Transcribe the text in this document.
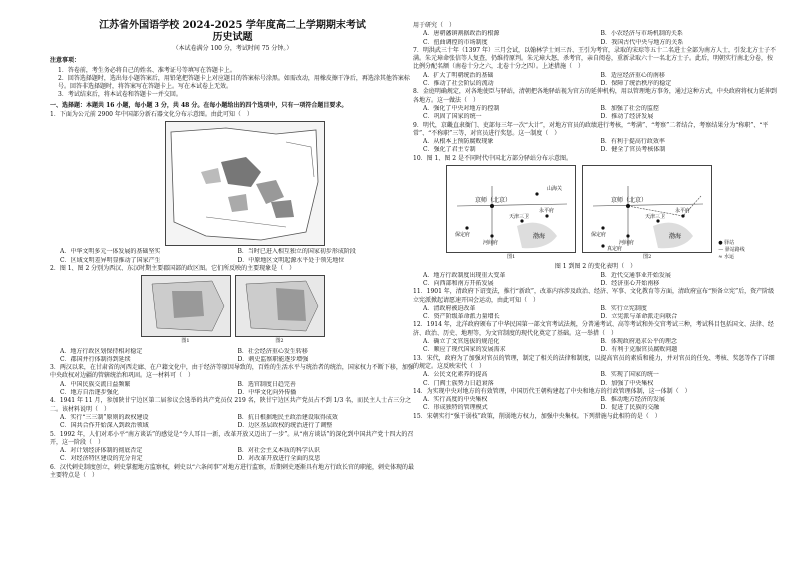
江苏省外国语学校 2024-2025 学年度高二上学期期末考试
历史试题
（本试卷满分 100 分，考试时间 75 分钟。）

注意事项：

1．答卷前，考生务必将自己的姓名、准考证号等填写在答题卡上。

2．回答选择题时，选出每小题答案后，用铅笔把答题卡上对应题目的答案标号涂黑。如需改动，用橡皮擦干净后，再选涂其他答案标号。回答非选择题时，将答案写在答题卡上。写在本试卷上无效。

3．考试结束后，将本试卷和答题卡一并交回。

一、选择题：本题共 16 小题，每小题 3 分，共 48 分。在每小题给出的四个选项中，只有一项符合题目要求。

1．下面为公元前 2900 年中国部分新石器文化分布示意图。由此可知（　）

A．中华文明多元一体发展的基础坚实	B．当时已进入相互独立的国家初步形成阶段
C．区域文明差异明显推动了国家产生	D．中原地区文明起源水平处于领先地位

2．图 1、图 2 分别为西汉、东汉时期主要郡国部的政区图。它们所反映的主要现象是（　）

图1	图2
A．地方行政区划保持相对稳定	B．社会经济重心发生转移
C．郡国并行体制得到延续	D．刺史监察职能逐步增强

3．两汉以来，在甘肃省的河西走廊、在户籍文化中，由于经济等原因导致的，百姓的生活水平与统治者的统治，国家权力不断下移，加强中央政权对边疆的管辖统治和巩固。这一材料可（　）

A．中国民族交流日益频繁	B．选官制度日趋完善
C．地方自治逐步强化	D．中华文化向外传播

4．1941 年 11 月，参加陕甘宁边区第二届参议会选举的共产党员仅 219 名，陕甘宁边区共产党员占不到 1/3 名，而民主人士占三分之二。该材料说明（　）

A．实行“三三制”原则的政权建设	B．抗日根据地民主政治建设取得成效
C．国共合作开始深入到政治领域	D．边区基层政权的统治进行了调整

5．1992 年，人们对邓小平“南方谈话”的感觉是“令人耳目一新，改革开放又迈出了一步”。从“南方谈话”的深化到中国共产党十四大的召开，这一阶段（　）

A．对计划经济体制的彻底否定	B．对社会主义本质的科学认识
C．对经济特区建设的充分肯定	D．对改革开放进行全面的反思

6．汉代刺史制度创立，刺史掌握地方监察权，刺史以“六条问事”对地方进行监察，后期刺史逐渐具有地方行政长官的职能，刺史体现的最主要特点是（　）

用于研究（　）

A．唐朝藩镇割据政治的根源	B．小农经济与市场机制的关系
C．扭曲调控的市场制度	D．我国古代中央与地方的关系

7．明洪武三十年（1397 年）三月会试，以翰林学士刘三吾、王引为考官，录取的宋琮等五十二名进士全部为南方人士，引发北方士子不满。朱元璋命张信等人复查，仍维持原判。朱元璋大怒，杀考官，亲自阅卷，重新录取六十一名北方士子。此后，明朝实行南北分卷，按比例分配名额（南卷十分之六，北卷十分之四）。上述措施（　）

A．扩大了明朝统治的基础	B．适应经济重心的南移
C．推动了社会阶层的流动	D．保障了统治秩序的稳定

8．金庭明确规定，对各地使臣与驿站，清朝把各地驿站视为官方的延伸机构，用以管理地方事务，通过这种方式，中央政府将权力延伸到各地方。这一做法（　）

A．强化了中央对地方的控制	B．加强了社会的监控
C．巩固了国家的统一	D．推动了经济发展

9．明代，京畿直隶衙门、吏部每三年一次“大计”，对地方官员的政绩进行考核，“考满”、“考察”二者结合，考察结果分为“称职”、“平常”、“不称职”三等，对官员进行奖惩。这一制度（　）

A．从根本上预防腐败现象	B．有利于提高行政效率
C．强化了君主专制	D．健全了官员考核体制

10．图 1、图 2 是不同时代中国北方部分驿站分布示意图。

京师（北京）
山海关
保定府
河间府
天津三卫
永平府
渤海
图1
京师（北京）
保定府
河间府
天津三卫
永平府
渤海
真定府
图2
● 驿站
— 驿站路线
≈ 水运

图 1 到图 2 的变化表明（　）

A．地方行政制度出现重大变革	B．近代交通事业开始发展
C．向西部和南方开拓发展	D．经济重心开始南移

11．1901 年，清政府下诏变法，推行“新政”，改革内容涉及政治、经济、军事、文化教育等方面，清政府宣布“预备立宪”后，资产阶级立宪派掀起请愿速开国会运动，由此可知（　）

A．清政府被迫改革	B．实行立宪制度
C．资产阶级革命派力量增长	D．立宪派与革命派走向联合

12．1914 年，北洋政府颁布了中华民国第一部文官考试法规，分普通考试、高等考试和外交官考试三种，考试科目包括国文、法律、经济、政治、历史、地理等，为文官制度的现代化奠定了基础。这一举措（　）

A．确立了文官选拔的规范化	B．体现政府追求公平的理念
C．顺应了现代国家的发展需求	D．有利于克服官员腐败问题

13．宋代，政府为了加强对官员的管理，制定了相关的法律和制度，以提高官员的素质和能力，并对官员的任免、考核、奖惩等作了详细的规定。这反映宋代（　）

A．公民文化素养的提高	B．实现了国家的统一
C．门阀士族势力日趋衰落	D．加强了中央集权

14．为实现中央对地方的有效管理，中国历代王朝构建起了中央和地方的行政管理体制，这一体制（　）

A．实行高度的中央集权	B．推动地方经济的发展
C．形成独特的管理模式	D．促进了民族的交融

15．宋朝实行“强干弱枝”政策，削弱地方权力，加强中央集权。下列措施与此相符的是（　）
